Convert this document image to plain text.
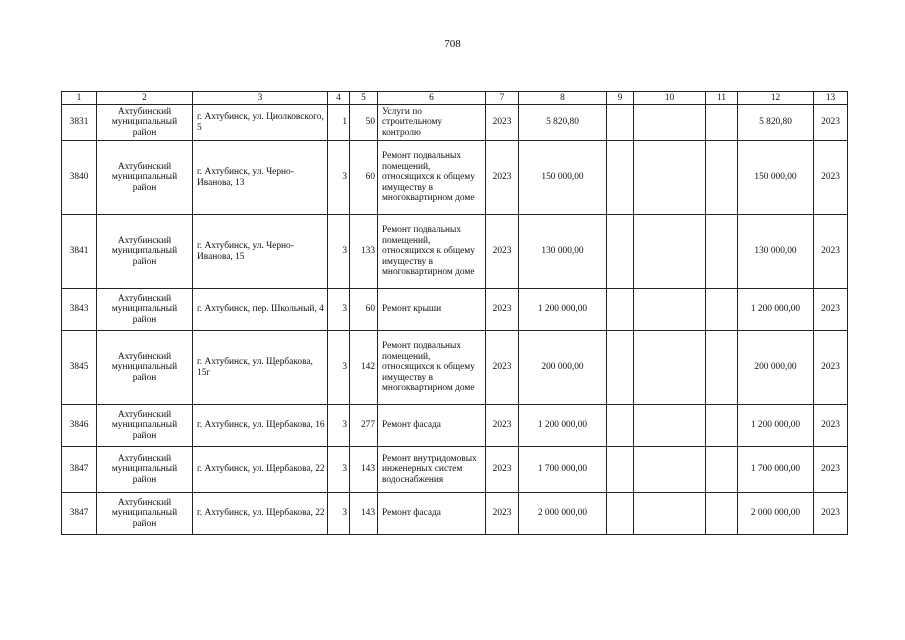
708
1	2	3	4	5	6	7	8	9	10	11	12	13
3831	Ахтубинский муниципальный район	г. Ахтубинск, ул. Циолковского, 5	1	50	Услуги по строительному контролю	2023	5 820,80				5 820,80	2023
3840	Ахтубинский муниципальный район	г. Ахтубинск, ул. Черно-Иванова, 13	3	60	Ремонт подвальных помещений, относящихся к общему имуществу в многоквартирном доме	2023	150 000,00				150 000,00	2023
3841	Ахтубинский муниципальный район	г. Ахтубинск, ул. Черно-Иванова, 15	3	133	Ремонт подвальных помещений, относящихся к общему имуществу в многоквартирном доме	2023	130 000,00				130 000,00	2023
3843	Ахтубинский муниципальный район	г. Ахтубинск, пер. Школьный, 4	3	60	Ремонт крыши	2023	1 200 000,00				1 200 000,00	2023
3845	Ахтубинский муниципальный район	г. Ахтубинск, ул. Щербакова, 15г	3	142	Ремонт подвальных помещений, относящихся к общему имуществу в многоквартирном доме	2023	200 000,00				200 000,00	2023
3846	Ахтубинский муниципальный район	г. Ахтубинск, ул. Щербакова, 16	3	277	Ремонт фасада	2023	1 200 000,00				1 200 000,00	2023
3847	Ахтубинский муниципальный район	г. Ахтубинск, ул. Щербакова, 22	3	143	Ремонт внутридомовых инженерных систем водоснабжения	2023	1 700 000,00				1 700 000,00	2023
3847	Ахтубинский муниципальный район	г. Ахтубинск, ул. Щербакова, 22	3	143	Ремонт фасада	2023	2 000 000,00				2 000 000,00	2023
